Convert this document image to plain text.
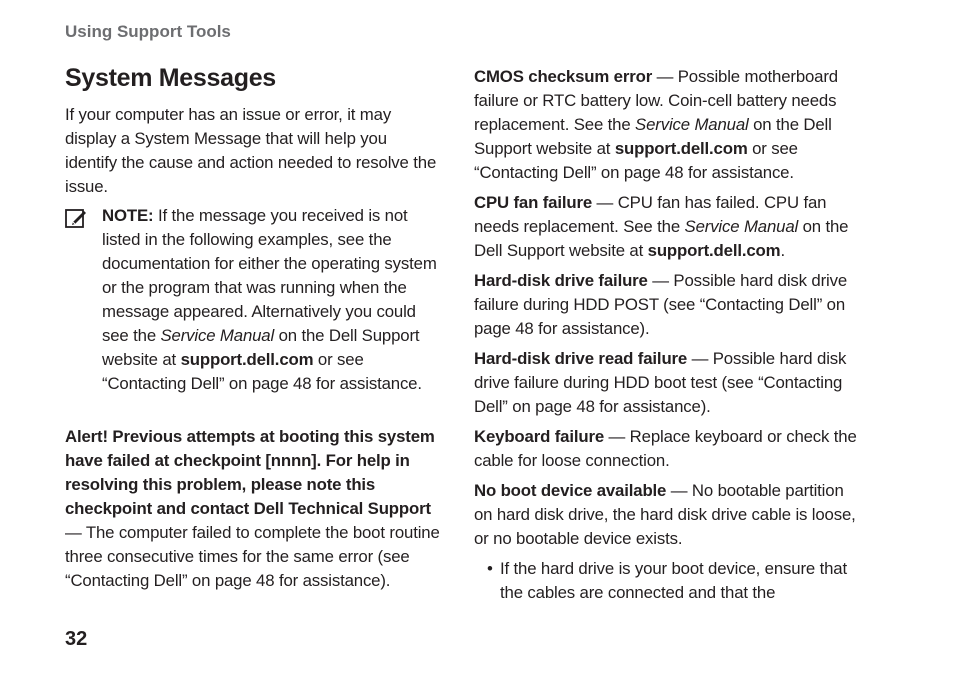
Using Support Tools
System Messages

If your computer has an issue or error, it may display a System Message that will help you identify the cause and action needed to resolve the issue.

NOTE: If the message you received is not listed in the following examples, see the documentation for either the operating system or the program that was running when the message appeared. Alternatively you could see the Service Manual on the Dell Support website at support.dell.com or see “Contacting Dell” on page 48 for assistance.

Alert! Previous attempts at booting this system have failed at checkpoint [nnnn]. For help in resolving this problem, please note this checkpoint and contact Dell Technical Support — The computer failed to complete the boot routine three consecutive times for the same error (see “Contacting Dell” on page 48 for assistance).

CMOS checksum error — Possible motherboard failure or RTC battery low. Coin-cell battery needs replacement. See the Service Manual on the Dell Support website at support.dell.com or see “Contacting Dell” on page 48 for assistance.

CPU fan failure — CPU fan has failed. CPU fan needs replacement. See the Service Manual on the Dell Support website at support.dell.com.

Hard-disk drive failure — Possible hard disk drive failure during HDD POST (see “Contacting Dell” on page 48 for assistance).

Hard-disk drive read failure — Possible hard disk drive failure during HDD boot test (see “Contacting Dell” on page 48 for assistance).

Keyboard failure — Replace keyboard or check the cable for loose connection.

No boot device available — No bootable partition on hard disk drive, the hard disk drive cable is loose, or no bootable device exists.

• If the hard drive is your boot device, ensure that the cables are connected and that the

32
